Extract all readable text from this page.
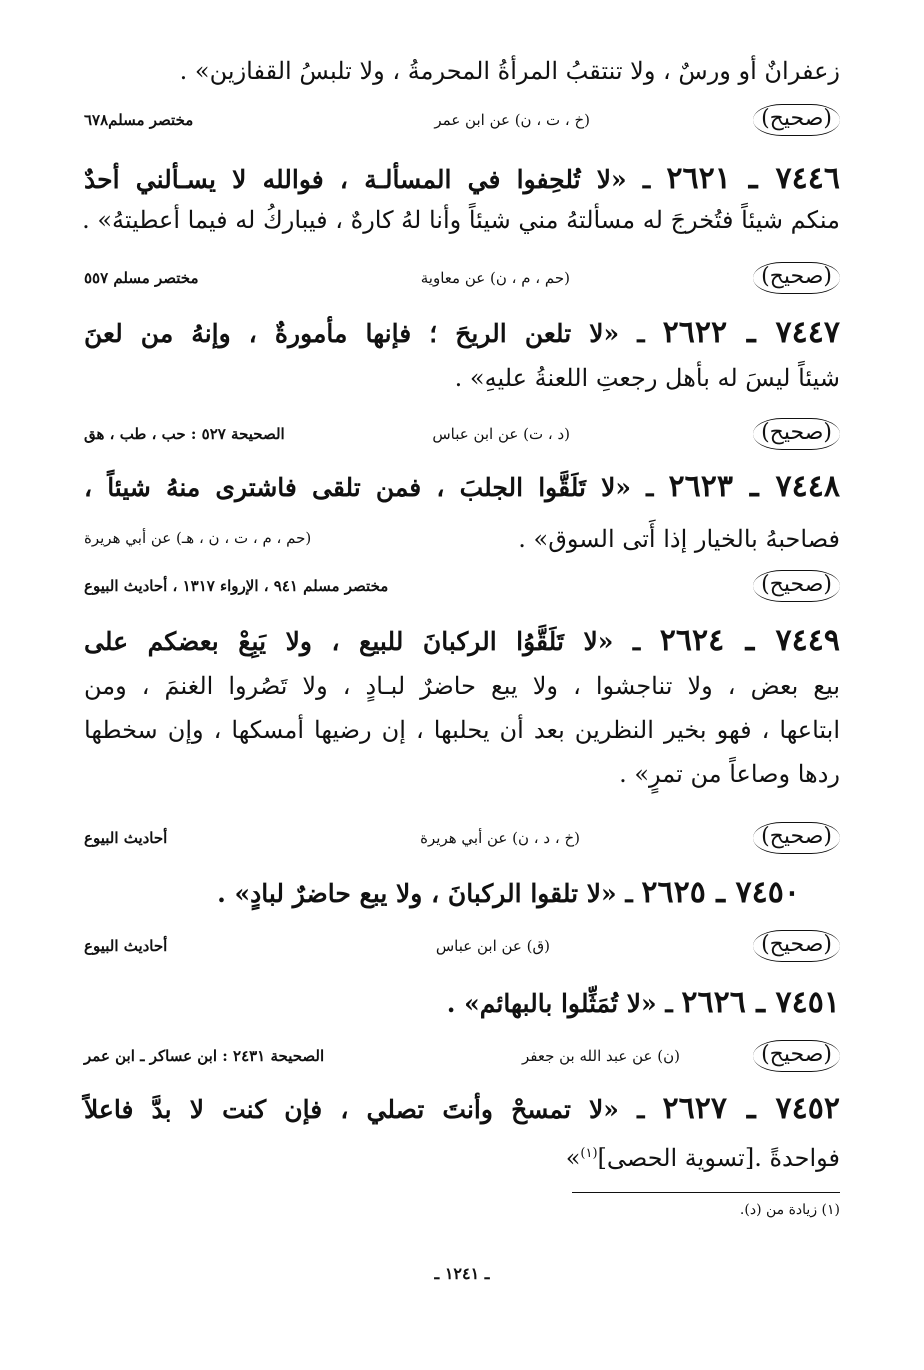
زعفرانٌ أو ورسٌ ، ولا تنتقبُ المرأةُ المحرمةُ ، ولا تلبسُ القفازين» .

(صحيح)
(خ ، ت ، ن) عن ابن عمر
مختصر مسلم٦٧٨

٧٤٤٦ ـ ٢٦٢١ ـ «لا تُلحِفوا في المسألـة ، فوالله لا يسـألني أحدٌ

منكم شيئاً فتُخرجَ له مسألتهُ مني شيئاً وأنا لهُ كارهٌ ، فيباركُ له فيما أعطيتهُ» .

(صحيح)
(حم ، م ، ن) عن معاوية
مختصر مسلم ٥٥٧

٧٤٤٧ ـ ٢٦٢٢ ـ «لا تلعن الريحَ ؛ فإنها مأمورةٌ ، وإنهُ من لعنَ

شيئاً ليسَ له بأهل رجعتِ اللعنةُ عليهِ» .

(صحيح)
(د ، ت) عن ابن عباس
الصحيحة ٥٢٧ : حب ، طب ، هق

٧٤٤٨ ـ ٢٦٢٣ ـ «لا تَلَقَّوا الجلبَ ، فمن تلقى فاشترى منهُ شيئاً ،

فصاحبهُ بالخيار إذا أَتى السوق» .
(حم ، م ، ت ، ن ، هـ) عن أبي هريرة
(صحيح)
مختصر مسلم ٩٤١ ، الإرواء ١٣١٧ ، أحاديث البيوع

٧٤٤٩ ـ ٢٦٢٤ ـ «لا تَلَقَّوُا الركبانَ للبيع ، ولا يَبِعْ بعضكم على

بيع بعض ، ولا تناجشوا ، ولا يبع حاضرٌ لبـادٍ ، ولا تَصُروا الغنمَ ، ومن

ابتاعها ، فهو بخير النظرين بعد أن يحلبها ، إن رضيها أمسكها ، وإن سخطها

ردها وصاعاً من تمرٍ» .

(صحيح)
(خ ، د ، ن) عن أبي هريرة
أحاديث البيوع

٧٤٥٠ ـ ٢٦٢٥ ـ «لا تلقوا الركبانَ ، ولا يبع حاضرٌ لبادٍ» .

(صحيح)
(ق) عن ابن عباس
أحاديث البيوع

٧٤٥١ ـ ٢٦٢٦ ـ «لا تُمَثِّلوا بالبهائم» .

(صحيح)
(ن) عن عبد الله بن جعفر
الصحيحة ٢٤٣١ : ابن عساكر ـ ابن عمر

٧٤٥٢ ـ ٢٦٢٧ ـ «لا تمسحْ وأنتَ تصلي ، فإن كنت لا بدَّ فاعلاً

فواحدةً .[تسوية الحصى]$^{(١)}$»

(١) زيادة من (د).
ـ ١٢٤١ ـ
